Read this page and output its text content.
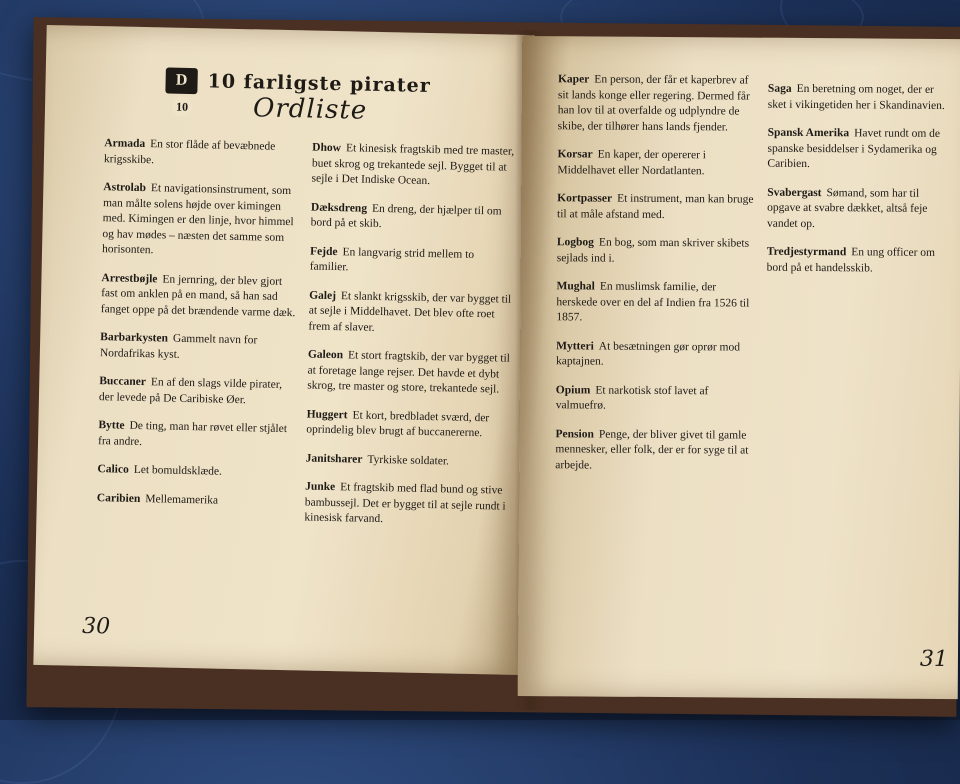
D10 10 farligste pirater
Ordliste
Armada En stor flåde af bevæbnede krigsskibe.
Astrolab Et navigationsinstrument, som man målte solens højde over kimingen med. Kimingen er den linje, hvor himmel og hav mødes – næsten det samme som horisonten.
Arrestbøjle En jernring, der blev gjort fast om anklen på en mand, så han sad fanget oppe på det brændende varme dæk.
Barbarkysten Gammelt navn for Nordafrikas kyst.
Buccaner En af den slags vilde pirater, der levede på De Caribiske Øer.
Bytte De ting, man har røvet eller stjålet fra andre.
Calico Let bomuldsklæde.
Caribien Mellemamerika
Dhow Et kinesisk fragtskib med tre master, buet skrog og trekantede sejl. Bygget til at sejle i Det Indiske Ocean.
Dæksdreng En dreng, der hjælper til om bord på et skib.
Fejde En langvarig strid mellem to familier.
Galej Et slankt krigsskib, der var bygget til at sejle i Middelhavet. Det blev ofte roet frem af slaver.
Galeon Et stort fragtskib, der var bygget til at foretage lange rejser. Det havde et dybt skrog, tre master og store, trekantede sejl.
Huggert Et kort, bredbladet sværd, der oprindelig blev brugt af buccanererne.
Janitsharer Tyrkiske soldater.
Junke Et fragtskib med flad bund og stive bambussejl. Det er bygget til at sejle rundt i kinesisk farvand.
30
Kaper En person, der får et kaperbrev af sit lands konge eller regering. Dermed får han lov til at overfalde og udplyndre de skibe, der tilhører hans lands fjender.
Korsar En kaper, der opererer i Middelhavet eller Nordatlanten.
Kortpasser Et instrument, man kan bruge til at måle afstand med.
Logbog En bog, som man skriver skibets sejlads ind i.
Mughal En muslimsk familie, der herskede over en del af Indien fra 1526 til 1857.
Mytteri At besætningen gør oprør mod kaptajnen.
Opium Et narkotisk stof lavet af valmuefrø.
Pension Penge, der bliver givet til gamle mennesker, eller folk, der er for syge til at arbejde.
Saga En beretning om noget, der er sket i vikingetiden her i Skandinavien.
Spansk Amerika Havet rundt om de spanske besiddelser i Sydamerika og Caribien.
Svabergast Sømand, som har til opgave at svabre dækket, altså feje vandet op.
Tredjestyrmand En ung officer om bord på et handelsskib.
31
